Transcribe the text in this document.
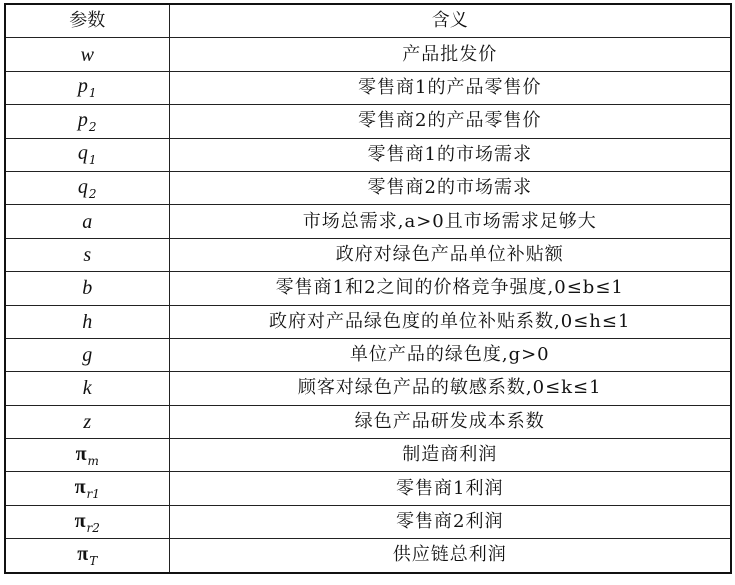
参数	含义
w	产品批发价
$p_1$	零售商1的产品零售价
$p_2$	零售商2的产品零售价
$q_1$	零售商1的市场需求
$q_2$	零售商2的市场需求
a	市场总需求,a>0且市场需求足够大
s	政府对绿色产品单位补贴额
b	零售商1和2之间的价格竞争强度,0≤b≤1
h	政府对产品绿色度的单位补贴系数,0≤h≤1
g	单位产品的绿色度,g>0
k	顾客对绿色产品的敏感系数,0≤k≤1
z	绿色产品研发成本系数
$\pi_m$	制造商利润
$\pi_{r1}$	零售商1利润
$\pi_{r2}$	零售商2利润
$\pi_T$	供应链总利润
